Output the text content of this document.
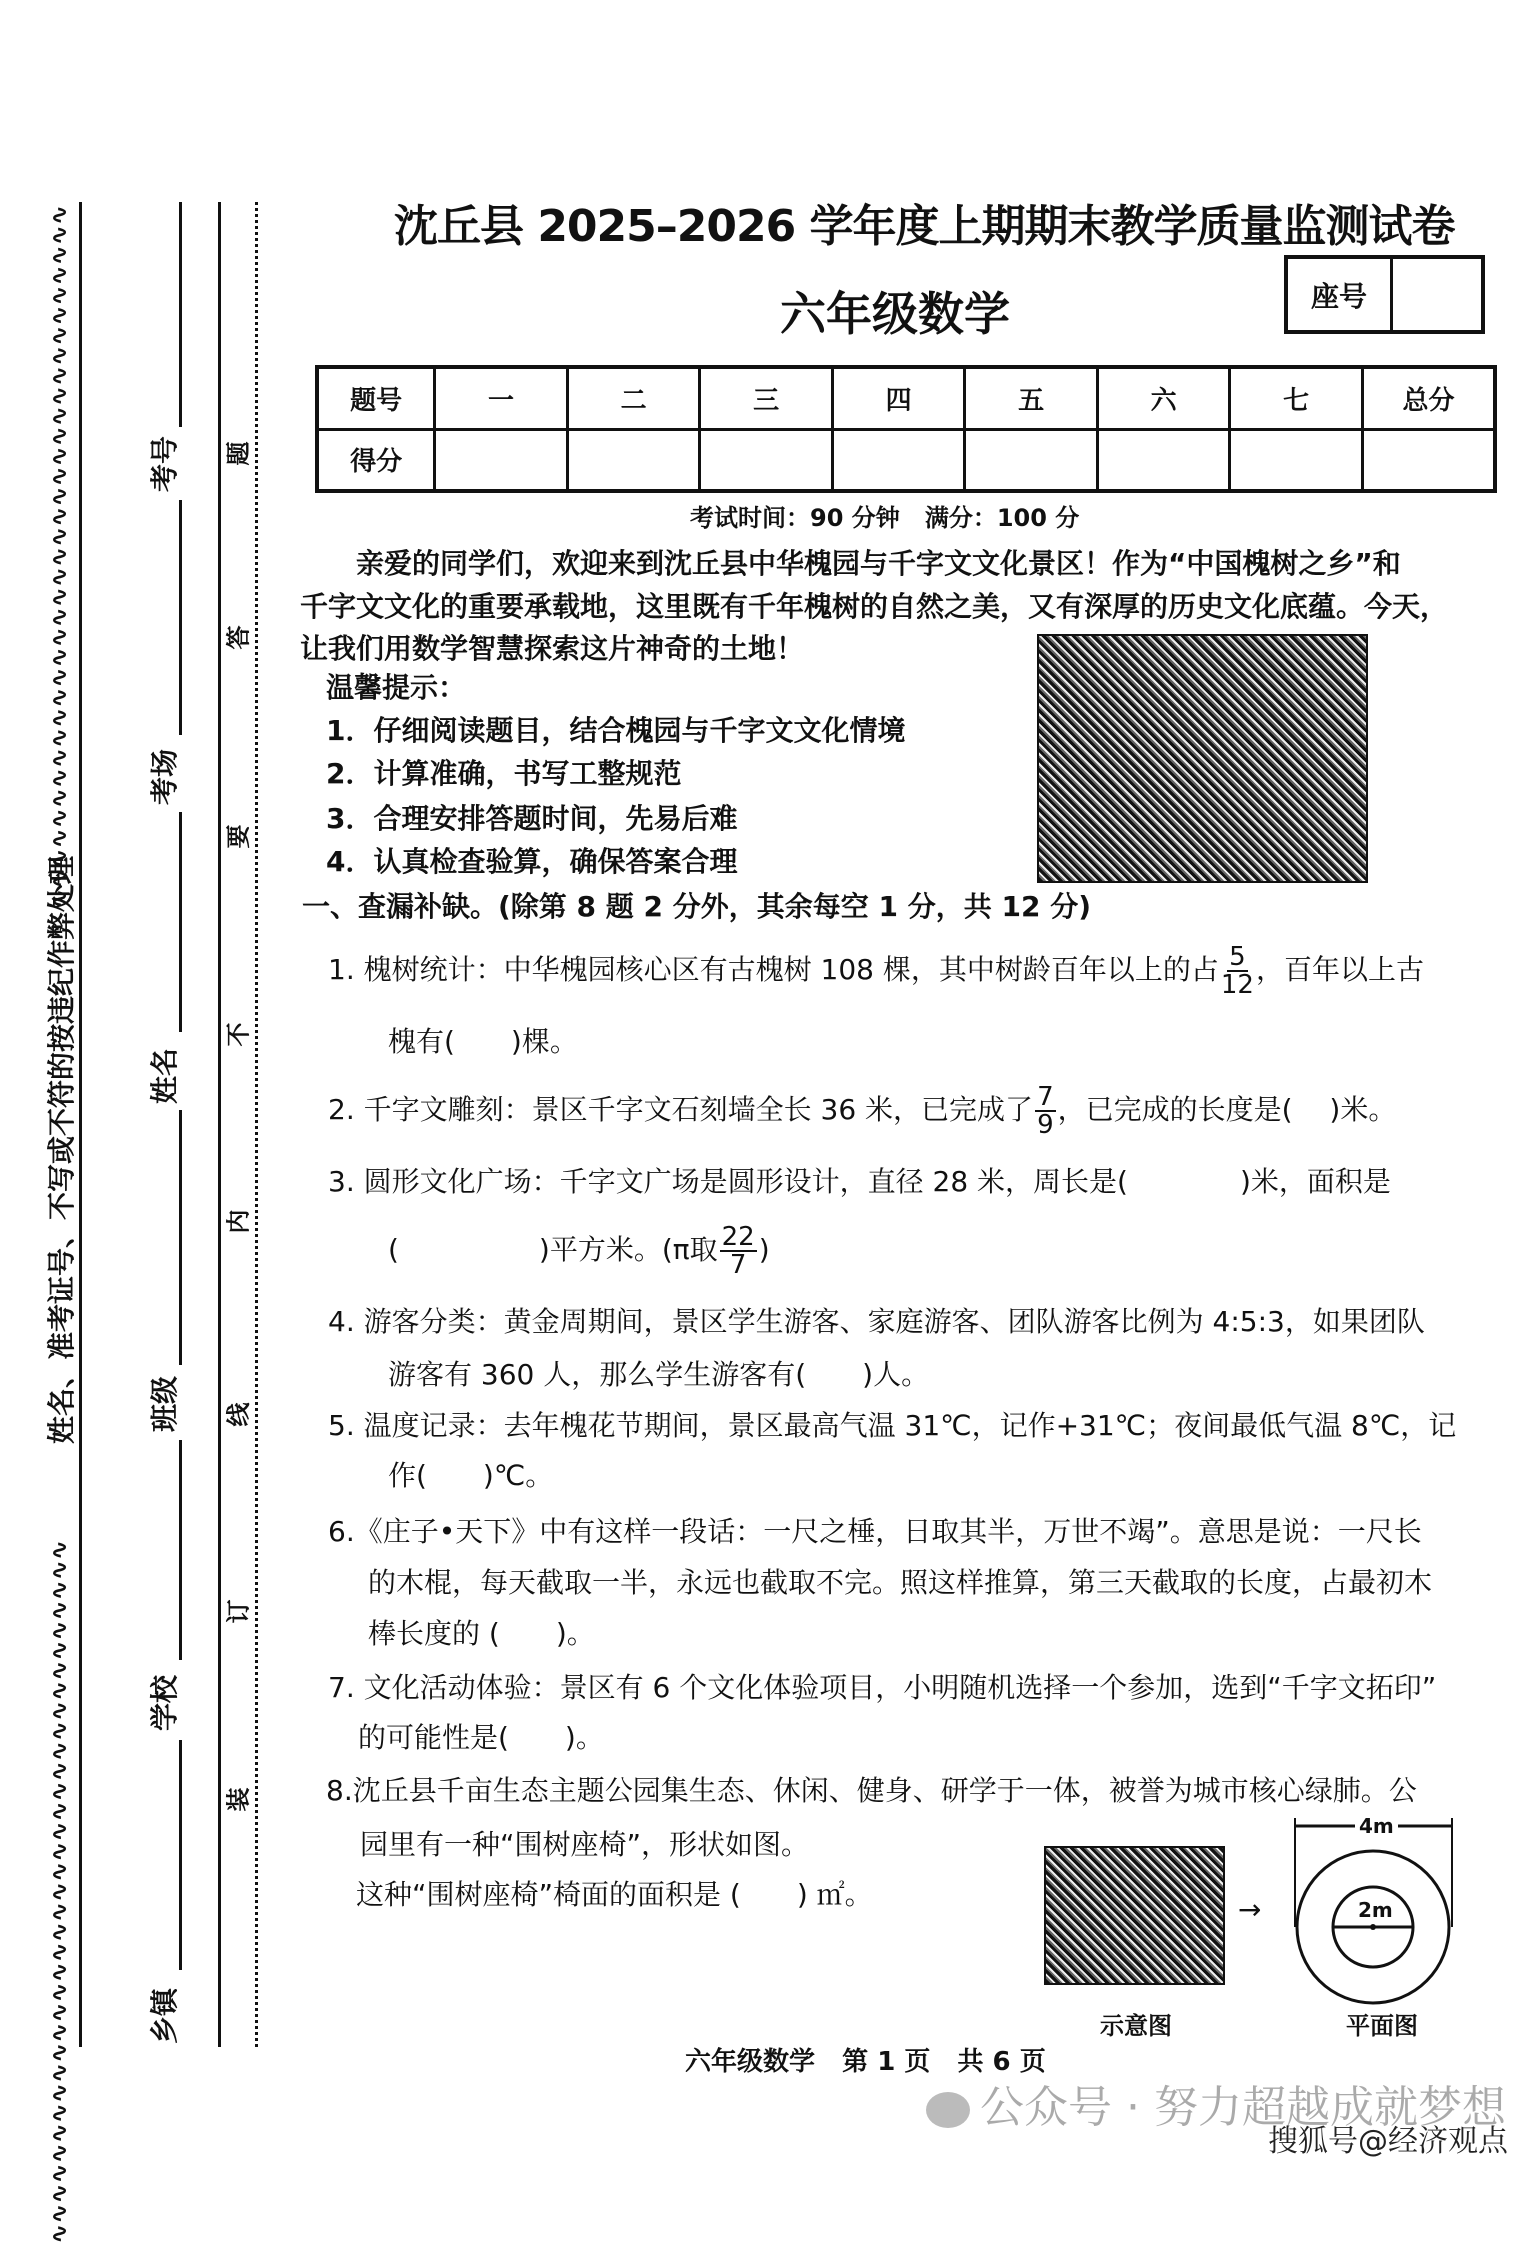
∿∿∿∿∿∿∿∿∿∿∿∿∿∿∿∿∿∿∿∿∿∿∿∿∿∿∿∿∿∿∿∿∿∿∿
∿∿∿∿∿∿∿∿∿∿∿∿∿∿∿∿∿∿∿∿∿∿∿∿∿∿∿∿∿∿∿∿∿∿∿
姓名、准考证号、不写或不符的按违纪作弊处理
考号
考场
姓名
班级
学校
乡镇
题
答
要
不
内
线
订
装
沈丘县 2025–2026 学年度上期期末教学质量监测试卷
六年级数学	座号
题号	一	二	三	四	五	六	七	总分
得分								
考试时间：90 分钟   满分：100 分
亲爱的同学们，欢迎来到沈丘县中华槐园与千字文文化景区！作为“中国槐树之乡”和
千字文文化的重要承载地，这里既有千年槐树的自然之美，又有深厚的历史文化底蕴。今天，
让我们用数学智慧探索这片神奇的土地！
温馨提示：
1．仔细阅读题目，结合槐园与千字文文化情境
2．计算准确，书写工整规范
3．合理安排答题时间，先易后难
4．认真检查验算，确保答案合理
一、查漏补缺。(除第 8 题 2 分外，其余每空 1 分，共 12 分)
1. 槐树统计：中华槐园核心区有古槐树 108 棵，其中树龄百年以上的占 $\frac{5}{12}$ ，百年以上古
槐有(　　)棵。
2. 千字文雕刻：景区千字文石刻墙全长 36 米，已完成了 $\frac{7}{9}$ ，已完成的长度是(　 )米。
3. 圆形文化广场：千字文广场是圆形设计，直径 28 米，周长是(　　　　)米，面积是
(　　　　　)平方米。(π取 $\frac{22}{7}$ )
4. 游客分类：黄金周期间，景区学生游客、家庭游客、团队游客比例为 4:5:3，如果团队
游客有 360 人，那么学生游客有(　　)人。
5. 温度记录：去年槐花节期间，景区最高气温 31℃，记作+31℃；夜间最低气温 8℃，记
作(　　)℃。
6.《庄子•天下》中有这样一段话：一尺之棰，日取其半，万世不竭”。意思是说：一尺长
的木棍，每天截取一半，永远也截取不完。照这样推算，第三天截取的长度，占最初木
棒长度的 (　　)。
7. 文化活动体验：景区有 6 个文化体验项目，小明随机选择一个参加，选到“千字文拓印”
的可能性是(　　)。
8.沈丘县千亩生态主题公园集生态、休闲、健身、研学于一体，被誉为城市核心绿肺。公
园里有一种“围树座椅”，形状如图。
这种“围树座椅”椅面的面积是 (　　) ㎡。	→
4m
2m
示意图	平面图
六年级数学   第 1 页   共 6 页
公众号 · 努力超越成就梦想
搜狐号@经济观点
